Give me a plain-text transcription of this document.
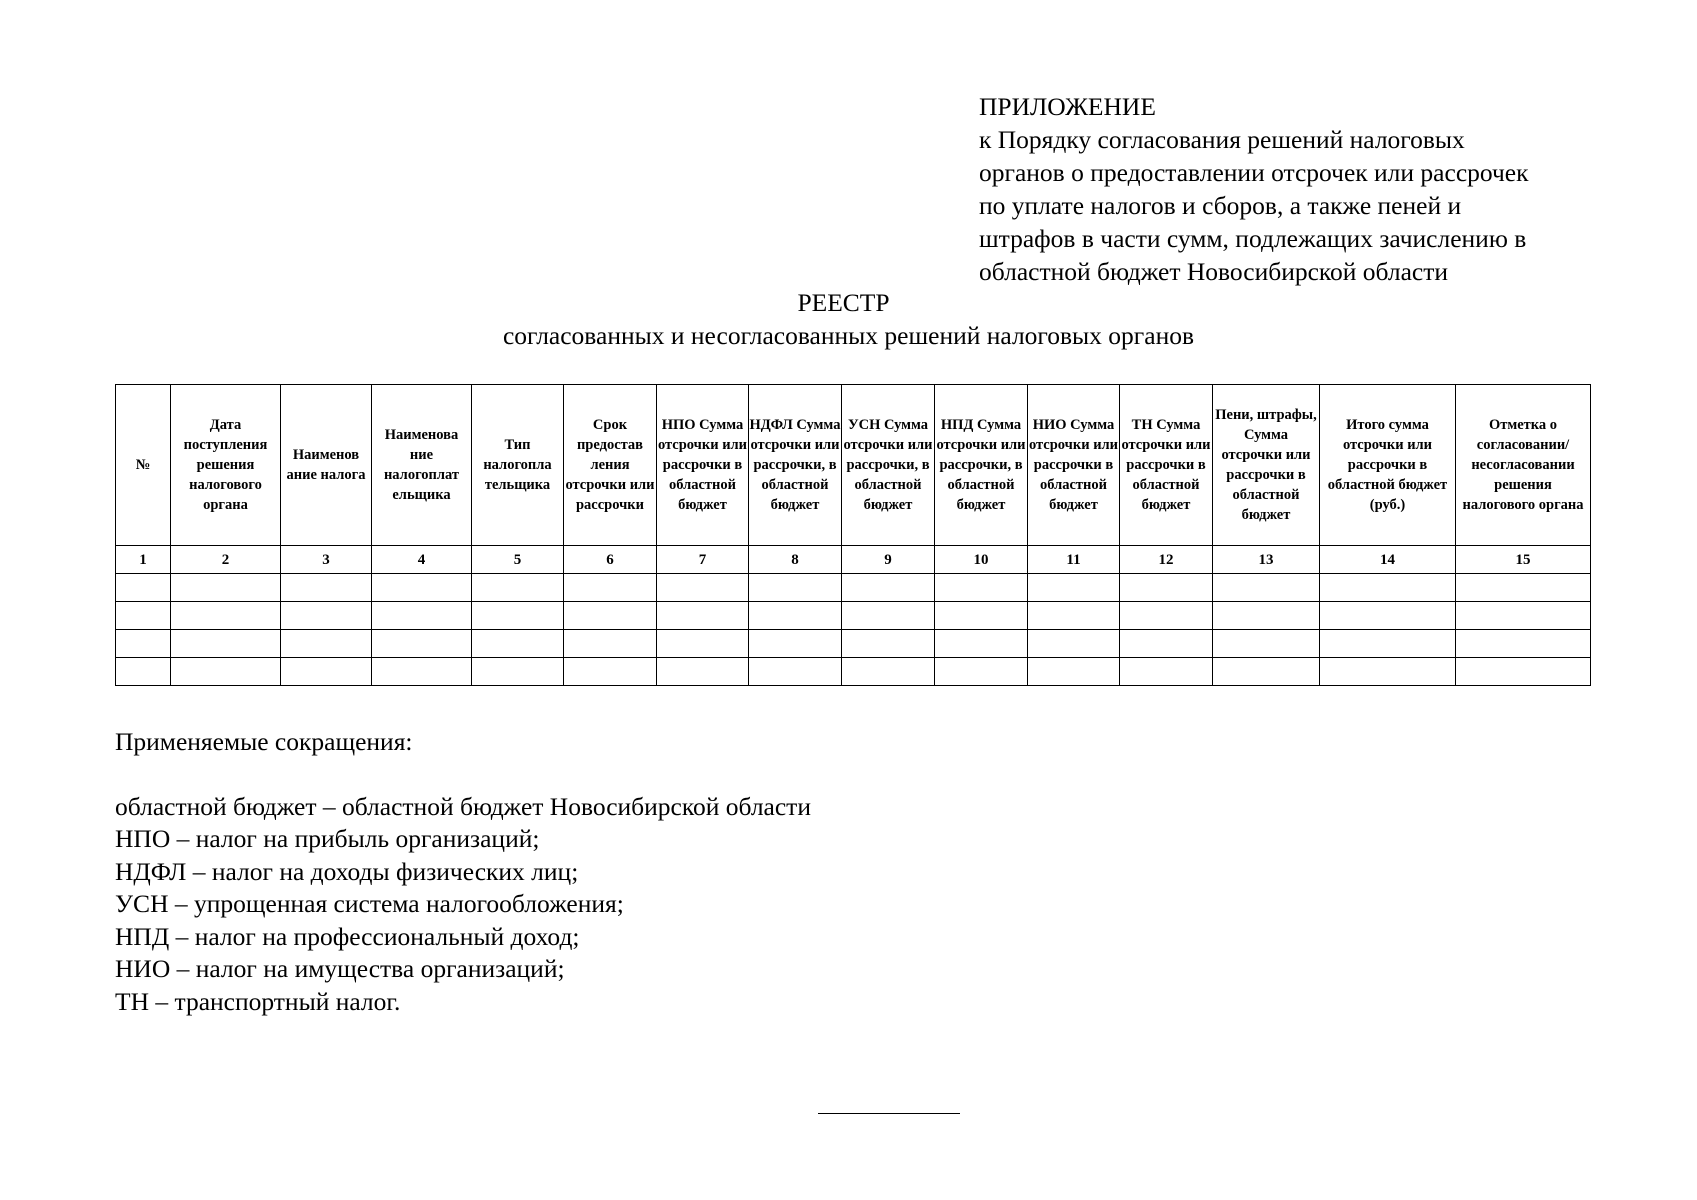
ПРИЛОЖЕНИЕ
к Порядку согласования решений налоговых
органов о предоставлении отсрочек или рассрочек
по уплате налогов и сборов, а также пеней и
штрафов в части сумм, подлежащих зачислению в
областной бюджет Новосибирской области
РЕЕСТР
согласованных и несогласованных решений налоговых органов
№	Дата поступления решения налогового органа	Наименов ание налога	Наименова ние налогоплат ельщика	Тип налогопла тельщика	Срок предостав ления отсрочки или рассрочки	НПО Сумма отсрочки или рассрочки в областной бюджет	НДФЛ Сумма отсрочки или рассрочки, в областной бюджет	УСН Сумма отсрочки или рассрочки, в областной бюджет	НПД Сумма отсрочки или рассрочки, в областной бюджет	НИО Сумма отсрочки или рассрочки в областной бюджет	ТН Сумма отсрочки или рассрочки в областной бюджет	Пени, штрафы, Сумма отсрочки или рассрочки в областной бюджет	Итого сумма отсрочки или рассрочки в областной бюджет (руб.)	Отметка о согласовании/ несогласовании решения налогового органа
1	2	3	4	5	6	7	8	9	10	11	12	13	14	15

Применяемые сокращения:
областной бюджет – областной бюджет Новосибирской области
НПО – налог на прибыль организаций;
НДФЛ – налог на доходы физических лиц;
УСН – упрощенная система налогообложения;
НПД – налог на профессиональный доход;
НИО – налог на имущества организаций;
ТН – транспортный налог.
